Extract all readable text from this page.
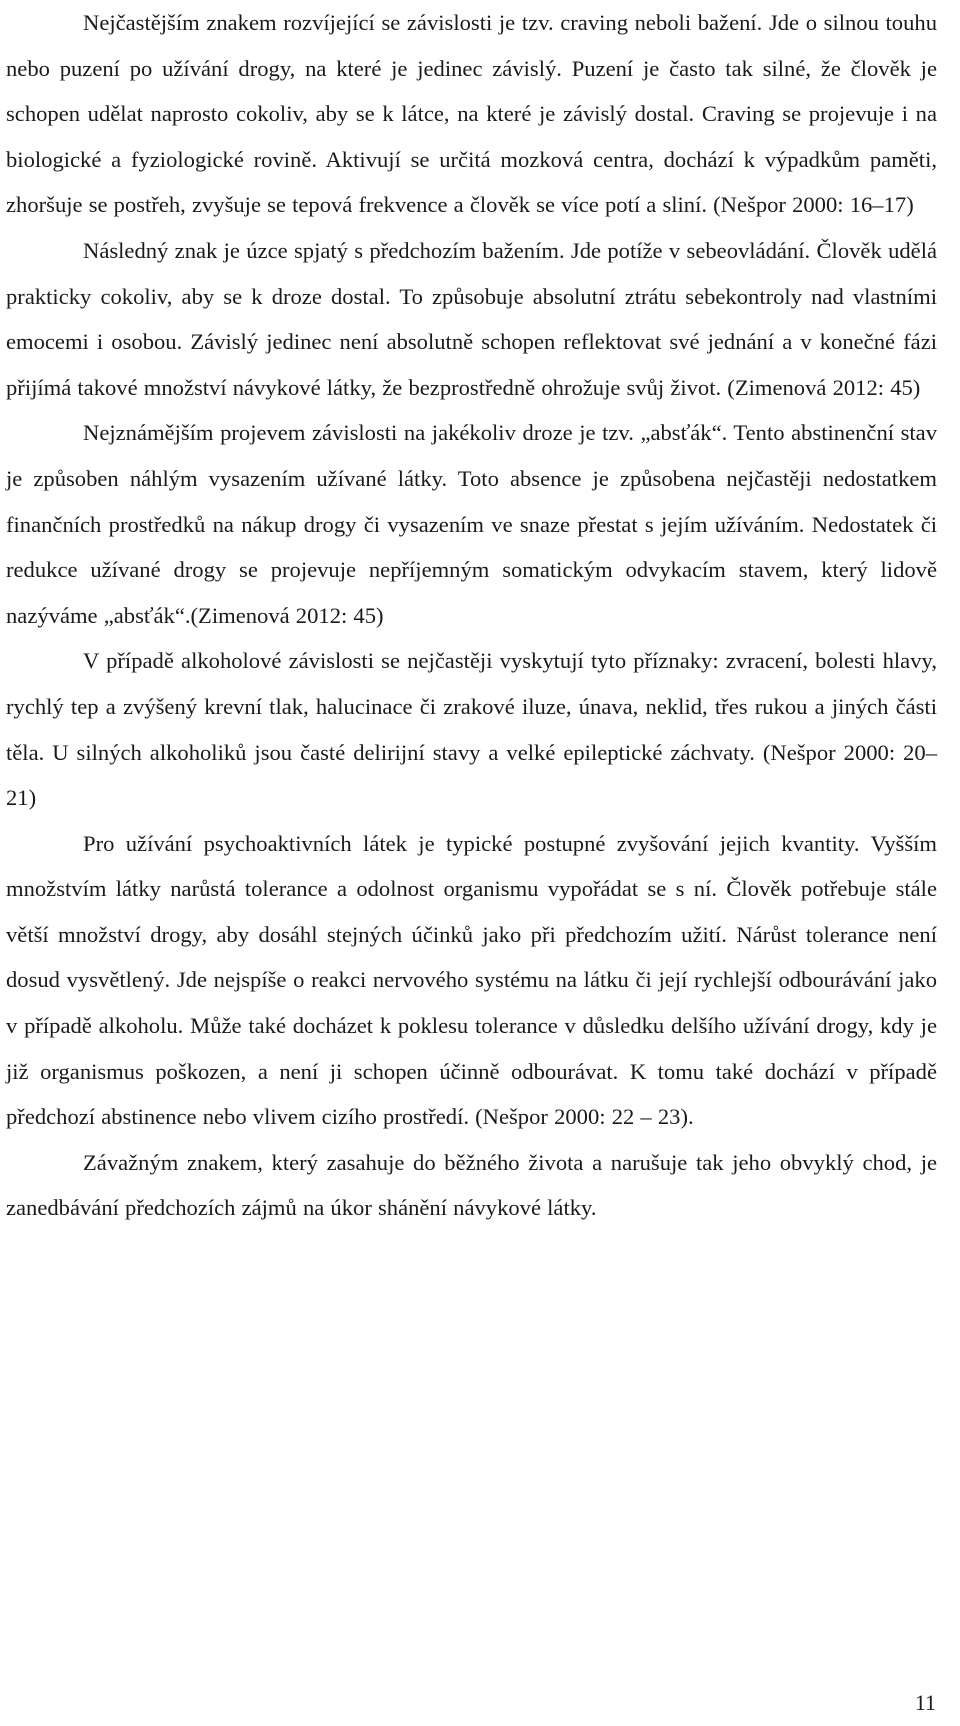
Nejčastějším znakem rozvíjející se závislosti je tzv. craving neboli bažení. Jde o silnou touhu nebo puzení po užívání drogy, na které je jedinec závislý. Puzení je často tak silné, že člověk je schopen udělat naprosto cokoliv, aby se k látce, na které je závislý dostal. Craving se projevuje i na biologické a fyziologické rovině. Aktivují se určitá mozková centra, dochází k výpadkům paměti, zhoršuje se postřeh, zvyšuje se tepová frekvence a člověk se více potí a sliní. (Nešpor 2000: 16–17)

Následný znak je úzce spjatý s předchozím bažením. Jde potíže v sebeovládání. Člověk udělá prakticky cokoliv, aby se k droze dostal. To způsobuje absolutní ztrátu sebekontroly nad vlastními emocemi i osobou. Závislý jedinec není absolutně schopen reflektovat své jednání a v konečné fázi přijímá takové množství návykové látky, že bezprostředně ohrožuje svůj život. (Zimenová 2012: 45)

Nejznámějším projevem závislosti na jakékoliv droze je tzv. „absťák“. Tento abstinenční stav je způsoben náhlým vysazením užívané látky. Toto absence je způsobena nejčastěji nedostatkem finančních prostředků na nákup drogy či vysazením ve snaze přestat s jejím užíváním. Nedostatek či redukce užívané drogy se projevuje nepříjemným somatickým odvykacím stavem, který lidově nazýváme „absťák“.(Zimenová 2012: 45)

V případě alkoholové závislosti se nejčastěji vyskytují tyto příznaky: zvracení, bolesti hlavy, rychlý tep a zvýšený krevní tlak, halucinace či zrakové iluze, únava, neklid, třes rukou a jiných části těla. U silných alkoholiků jsou časté delirijní stavy a velké epileptické záchvaty. (Nešpor 2000: 20–21)

Pro užívání psychoaktivních látek je typické postupné zvyšování jejich kvantity. Vyšším množstvím látky narůstá tolerance a odolnost organismu vypořádat se s ní. Člověk potřebuje stále větší množství drogy, aby dosáhl stejných účinků jako při předchozím užití. Nárůst tolerance není dosud vysvětlený. Jde nejspíše o reakci nervového systému na látku či její rychlejší odbourávání jako v případě alkoholu. Může také docházet k poklesu tolerance v důsledku delšího užívání drogy, kdy je již organismus poškozen, a není ji schopen účinně odbourávat. K tomu také dochází v případě předchozí abstinence nebo vlivem cizího prostředí. (Nešpor 2000: 22 – 23).

Závažným znakem, který zasahuje do běžného života a narušuje tak jeho obvyklý chod, je zanedbávání předchozích zájmů na úkor shánění návykové látky.

11
